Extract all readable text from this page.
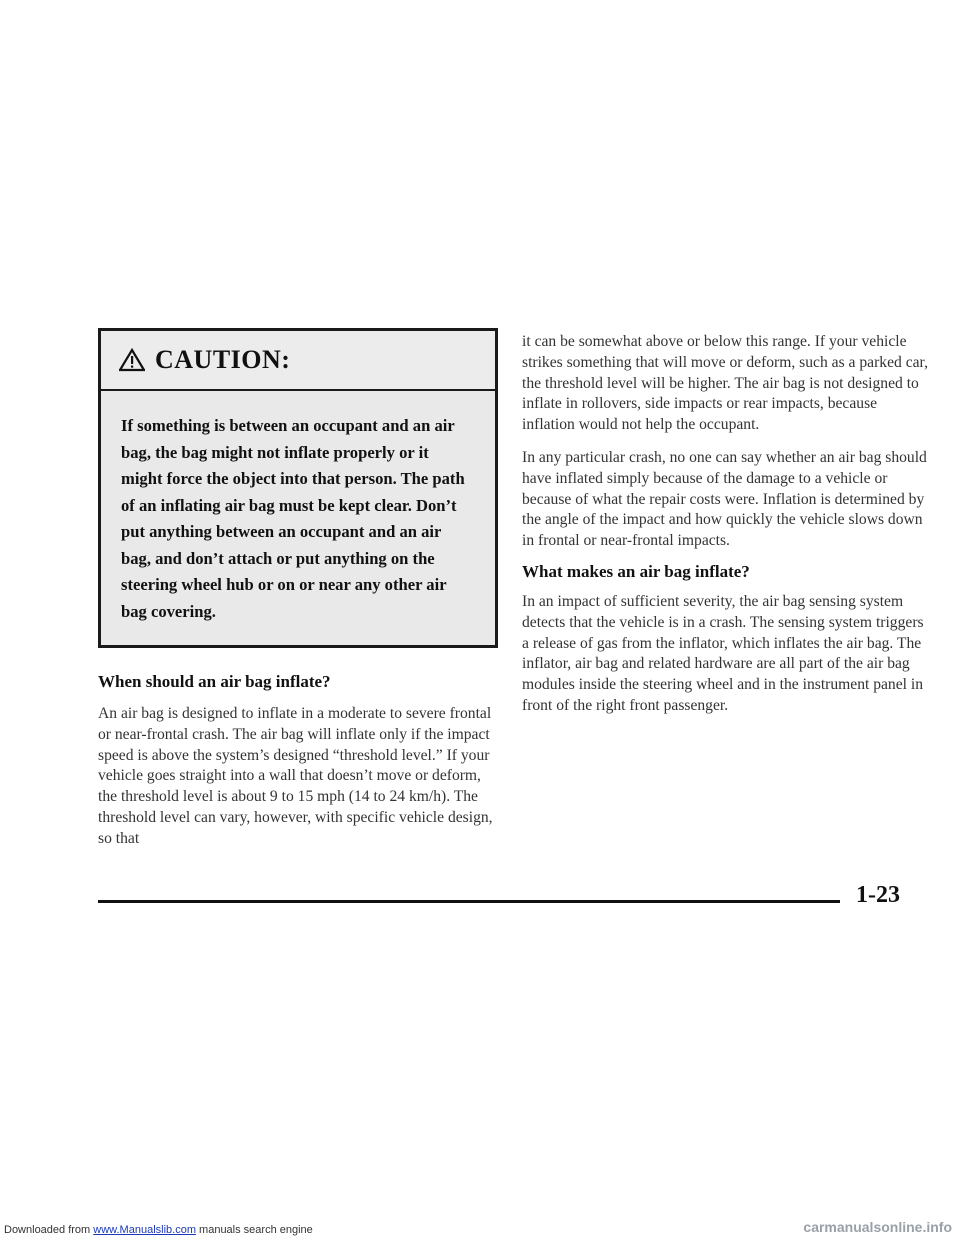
CAUTION:
If something is between an occupant and an air bag, the bag might not inflate properly or it might force the object into that person. The path of an inflating air bag must be kept clear. Don’t put anything between an occupant and an air bag, and don’t attach or put anything on the steering wheel hub or on or near any other air bag covering.
When should an air bag inflate?

An air bag is designed to inflate in a moderate to severe frontal or near-frontal crash. The air bag will inflate only if the impact speed is above the system’s designed “threshold level.” If your vehicle goes straight into a wall that doesn’t move or deform, the threshold level is about 9 to 15 mph (14 to 24 km/h). The threshold level can vary, however, with specific vehicle design, so that

it can be somewhat above or below this range. If your vehicle strikes something that will move or deform, such as a parked car, the threshold level will be higher. The air bag is not designed to inflate in rollovers, side impacts or rear impacts, because inflation would not help the occupant.

In any particular crash, no one can say whether an air bag should have inflated simply because of the damage to a vehicle or because of what the repair costs were. Inflation is determined by the angle of the impact and how quickly the vehicle slows down in frontal or near-frontal impacts.

What makes an air bag inflate?

In an impact of sufficient severity, the air bag sensing system detects that the vehicle is in a crash. The sensing system triggers a release of gas from the inflator, which inflates the air bag. The inflator, air bag and related hardware are all part of the air bag modules inside the steering wheel and in the instrument panel in front of the right front passenger.

1-23
Downloaded from www.Manualslib.com manuals search engine	carmanualsonline.info
